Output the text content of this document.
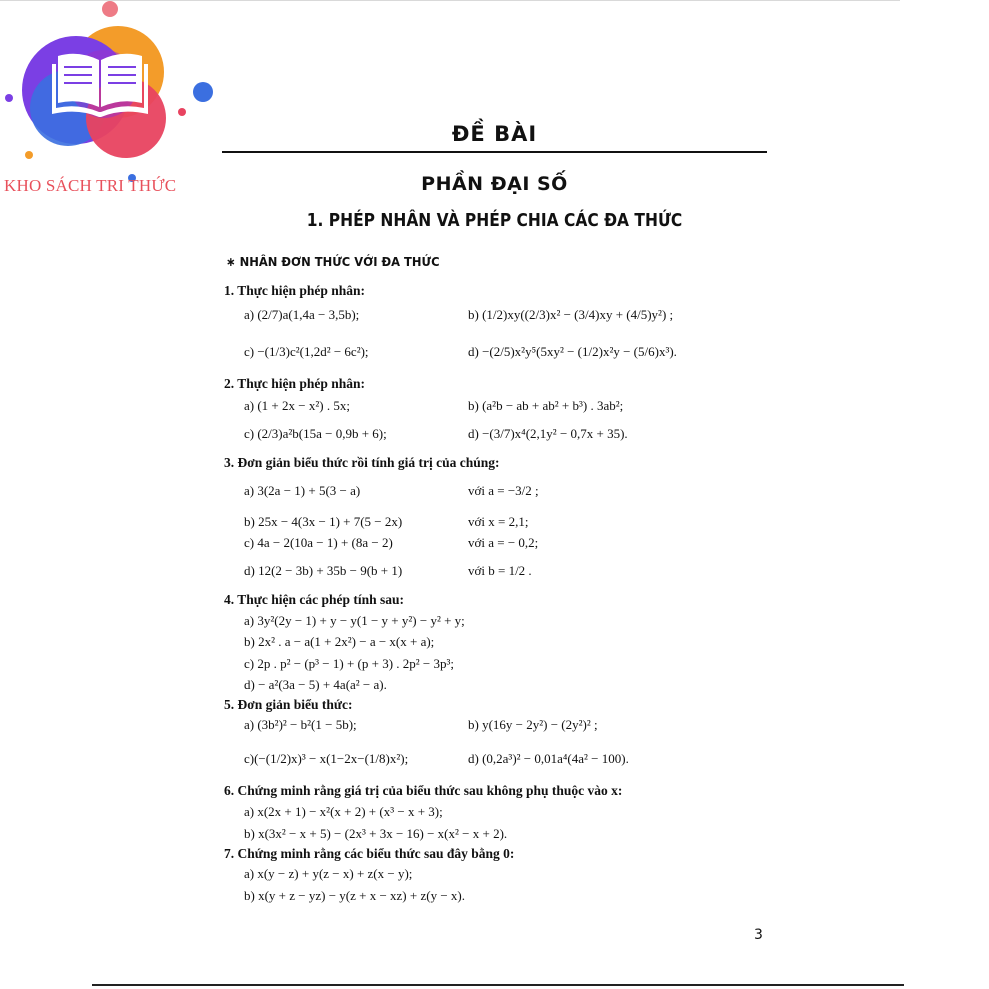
KHO SÁCH TRI THỨC
ĐỀ BÀI
PHẦN ĐẠI SỐ
1. PHÉP NHÂN VÀ PHÉP CHIA CÁC ĐA THỨC
∗ NHÂN ĐƠN THỨC VỚI ĐA THỨC
1. Thực hiện phép nhân:
a) (2/7)a(1,4a − 3,5b);	b) (1/2)xy((2/3)x² − (3/4)xy + (4/5)y²) ;
c) −(1/3)c²(1,2d² − 6c²);	d) −(2/5)x²y⁵(5xy² − (1/2)x²y − (5/6)x³).
2. Thực hiện phép nhân:
a) (1 + 2x − x²) . 5x;	b) (a²b − ab + ab² + b³) . 3ab²;
c) (2/3)a²b(15a − 0,9b + 6);	d) −(3/7)x⁴(2,1y² − 0,7x + 35).
3. Đơn giản biểu thức rồi tính giá trị của chúng:
a) 3(2a − 1) + 5(3 − a)	với a = −3/2 ;
b) 25x − 4(3x − 1) + 7(5 − 2x)	với x = 2,1;
c) 4a − 2(10a − 1) + (8a − 2)	với a = − 0,2;
d) 12(2 − 3b) + 35b − 9(b + 1)	với b = 1/2 .
4. Thực hiện các phép tính sau:
a) 3y²(2y − 1) + y − y(1 − y + y²) − y² + y;
b) 2x² . a − a(1 + 2x²) − a − x(x + a);
c) 2p . p² − (p³ − 1) + (p + 3) . 2p² − 3p³;
d) − a²(3a − 5) + 4a(a² − a).
5. Đơn giản biểu thức:
a) (3b²)² − b²(1 − 5b);	b) y(16y − 2y²) − (2y²)² ;
c)(−(1/2)x)³ − x(1−2x−(1/8)x²);	d) (0,2a³)² − 0,01a⁴(4a² − 100).
6. Chứng minh rằng giá trị của biểu thức sau không phụ thuộc vào x:
a) x(2x + 1) − x²(x + 2) + (x³ − x + 3);
b) x(3x² − x + 5) − (2x³ + 3x − 16) − x(x² − x + 2).
7. Chứng minh rằng các biểu thức sau đây bằng 0:
a) x(y − z) + y(z − x) + z(x − y);
b) x(y + z − yz) − y(z + x − xz) + z(y − x).
3
